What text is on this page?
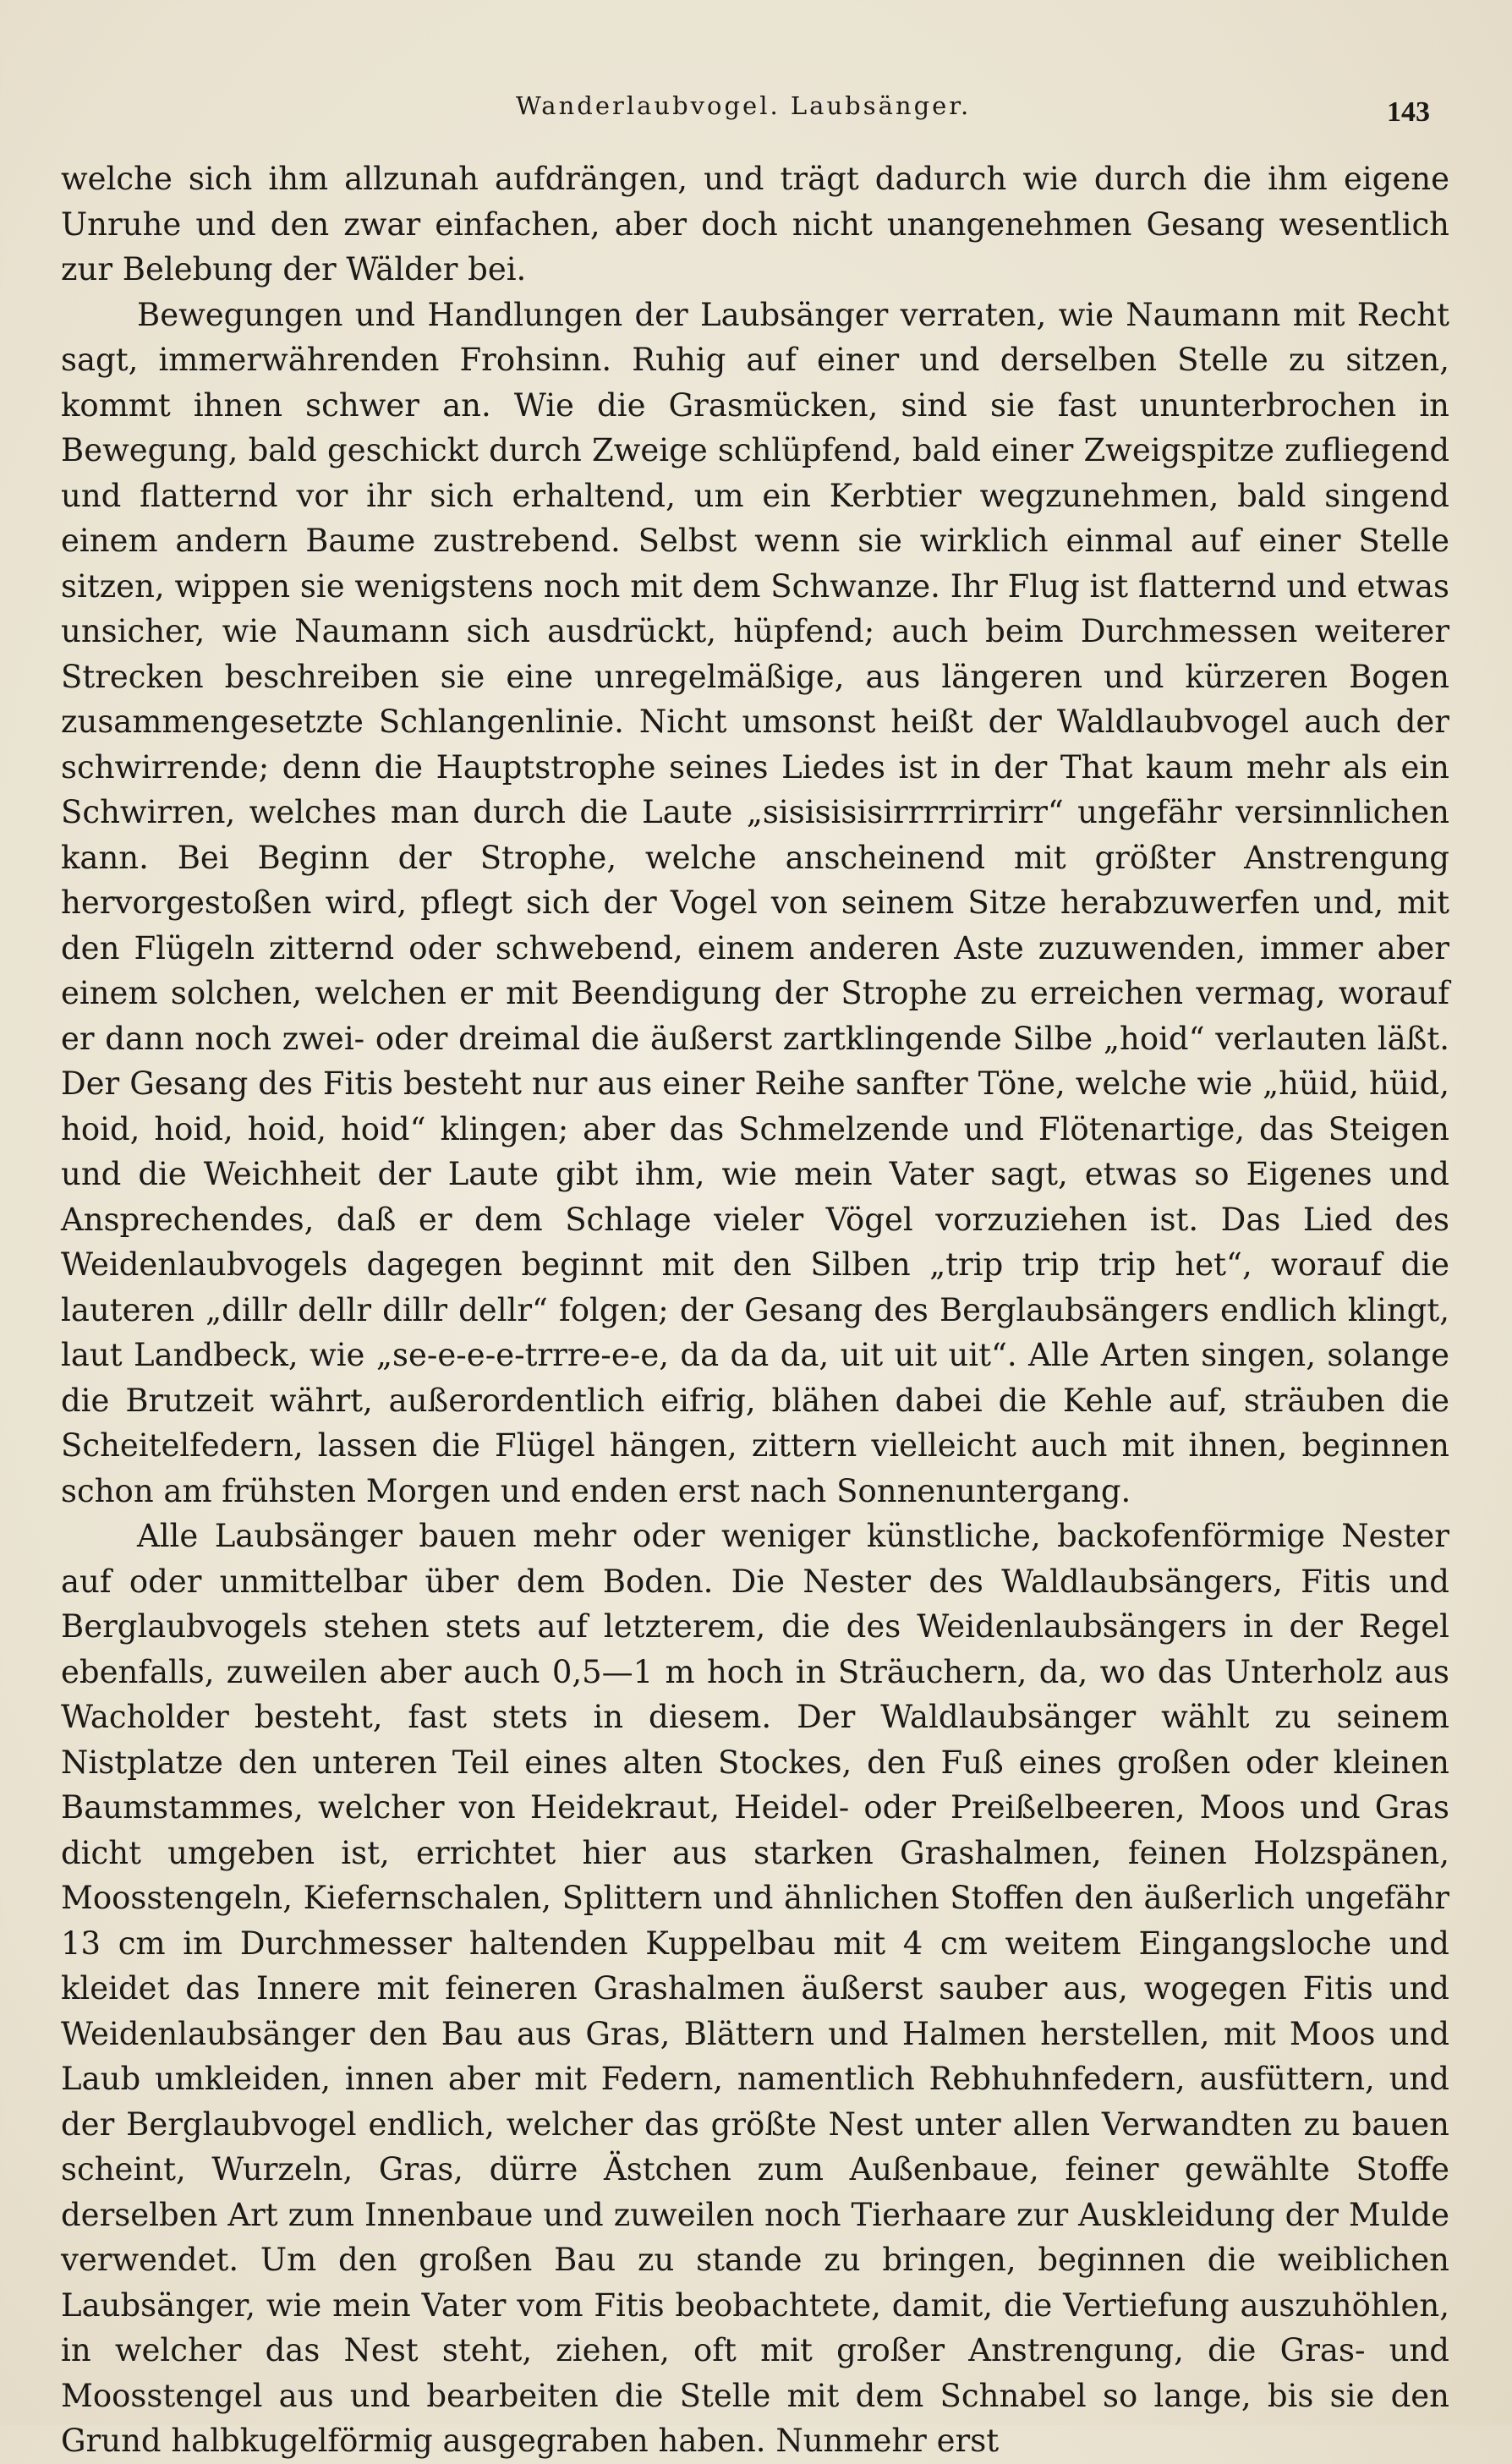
Wanderlaubvogel. Laubsänger.	143

welche sich ihm allzunah aufdrängen, und trägt dadurch wie durch die ihm eigene Unruhe und den zwar einfachen, aber doch nicht unangenehmen Gesang wesentlich zur Belebung der Wälder bei.

Bewegungen und Handlungen der Laubsänger verraten, wie Naumann mit Recht sagt, immerwährenden Frohsinn. Ruhig auf einer und derselben Stelle zu sitzen, kommt ihnen schwer an. Wie die Grasmücken, sind sie fast ununterbrochen in Bewegung, bald geschickt durch Zweige schlüpfend, bald einer Zweigspitze zufliegend und flatternd vor ihr sich erhaltend, um ein Kerbtier wegzunehmen, bald singend einem andern Baume zustrebend. Selbst wenn sie wirklich einmal auf einer Stelle sitzen, wippen sie wenigstens noch mit dem Schwanze. Ihr Flug ist flatternd und etwas unsicher, wie Naumann sich ausdrückt, hüpfend; auch beim Durchmessen weiterer Strecken beschreiben sie eine unregelmäßige, aus längeren und kürzeren Bogen zusammengesetzte Schlangenlinie. Nicht umsonst heißt der Waldlaubvogel auch der schwirrende; denn die Hauptstrophe seines Liedes ist in der That kaum mehr als ein Schwirren, welches man durch die Laute „sisisisisirrrrrirrirr“ ungefähr versinnlichen kann. Bei Beginn der Strophe, welche anscheinend mit größter Anstrengung hervorgestoßen wird, pflegt sich der Vogel von seinem Sitze herabzuwerfen und, mit den Flügeln zitternd oder schwebend, einem anderen Aste zuzuwenden, immer aber einem solchen, welchen er mit Beendigung der Strophe zu erreichen vermag, worauf er dann noch zwei- oder dreimal die äußerst zartklingende Silbe „hoid“ verlauten läßt. Der Gesang des Fitis besteht nur aus einer Reihe sanfter Töne, welche wie „hüid, hüid, hoid, hoid, hoid, hoid“ klingen; aber das Schmelzende und Flötenartige, das Steigen und die Weichheit der Laute gibt ihm, wie mein Vater sagt, etwas so Eigenes und Ansprechendes, daß er dem Schlage vieler Vögel vorzuziehen ist. Das Lied des Weidenlaubvogels dagegen beginnt mit den Silben „trip trip trip het“, worauf die lauteren „dillr dellr dillr dellr“ folgen; der Gesang des Berglaubsängers endlich klingt, laut Landbeck, wie „se-e-e-e-trrre-e-e, da da da, uit uit uit“. Alle Arten singen, solange die Brutzeit währt, außerordentlich eifrig, blähen dabei die Kehle auf, sträuben die Scheitelfedern, lassen die Flügel hängen, zittern vielleicht auch mit ihnen, beginnen schon am frühsten Morgen und enden erst nach Sonnenuntergang.

Alle Laubsänger bauen mehr oder weniger künstliche, backofenförmige Nester auf oder unmittelbar über dem Boden. Die Nester des Waldlaubsängers, Fitis und Berglaubvogels stehen stets auf letzterem, die des Weidenlaubsängers in der Regel ebenfalls, zuweilen aber auch 0,5—1 m hoch in Sträuchern, da, wo das Unterholz aus Wacholder besteht, fast stets in diesem. Der Waldlaubsänger wählt zu seinem Nistplatze den unteren Teil eines alten Stockes, den Fuß eines großen oder kleinen Baumstammes, welcher von Heidekraut, Heidel- oder Preißelbeeren, Moos und Gras dicht umgeben ist, errichtet hier aus starken Grashalmen, feinen Holzspänen, Moosstengeln, Kiefernschalen, Splittern und ähnlichen Stoffen den äußerlich ungefähr 13 cm im Durchmesser haltenden Kuppelbau mit 4 cm weitem Eingangsloche und kleidet das Innere mit feineren Grashalmen äußerst sauber aus, wogegen Fitis und Weidenlaubsänger den Bau aus Gras, Blättern und Halmen herstellen, mit Moos und Laub umkleiden, innen aber mit Federn, namentlich Rebhuhnfedern, ausfüttern, und der Berglaubvogel endlich, welcher das größte Nest unter allen Verwandten zu bauen scheint, Wurzeln, Gras, dürre Ästchen zum Außenbaue, feiner gewählte Stoffe derselben Art zum Innenbaue und zuweilen noch Tierhaare zur Auskleidung der Mulde verwendet. Um den großen Bau zu stande zu bringen, beginnen die weiblichen Laubsänger, wie mein Vater vom Fitis beobachtete, damit, die Vertiefung auszuhöhlen, in welcher das Nest steht, ziehen, oft mit großer Anstrengung, die Gras- und Moosstengel aus und bearbeiten die Stelle mit dem Schnabel so lange, bis sie den Grund halbkugelförmig ausgegraben haben. Nunmehr erst
